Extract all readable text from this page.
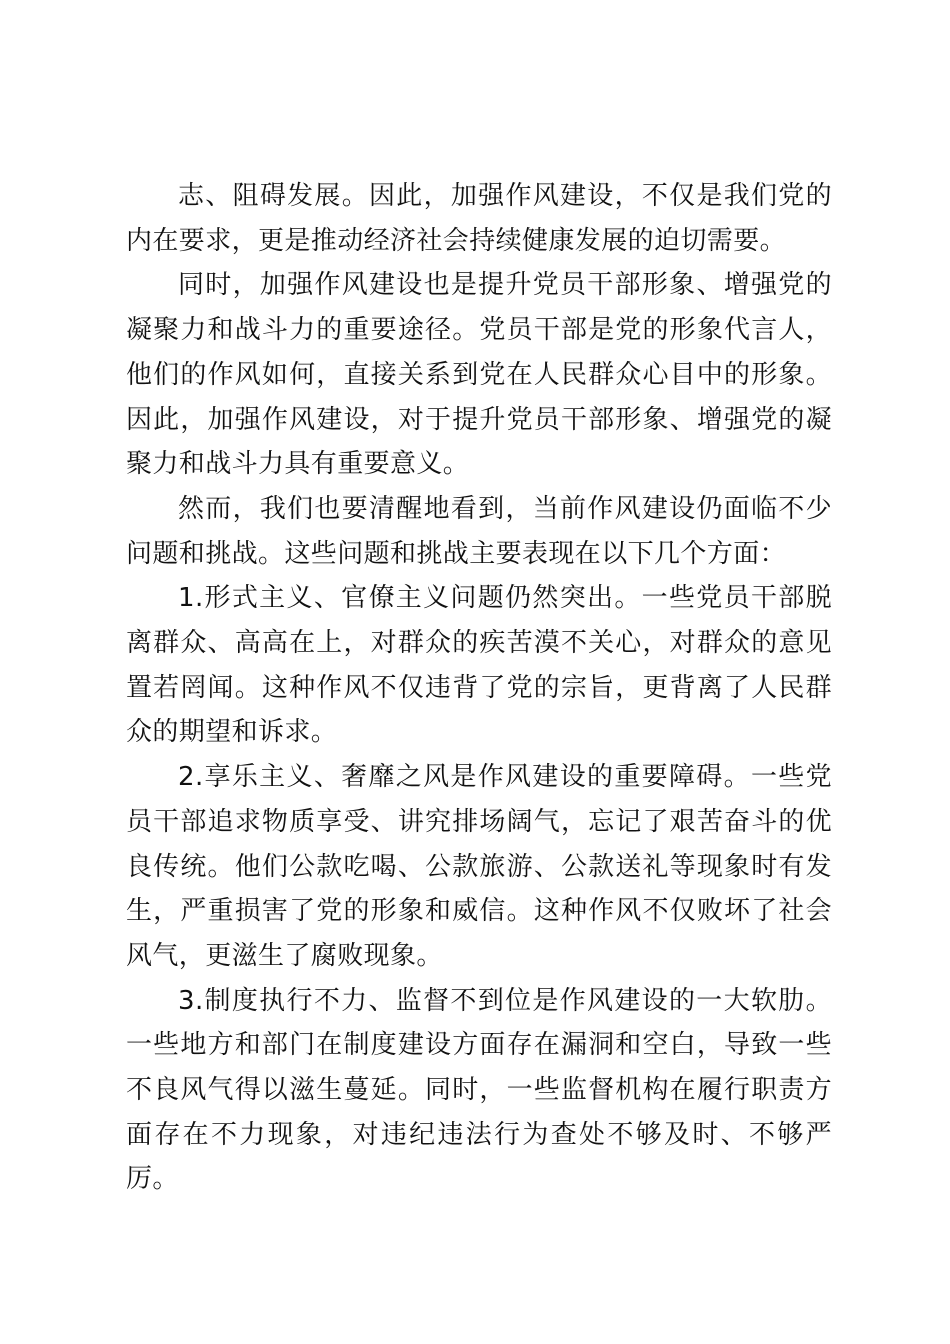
志、阻碍发展。因此，加强作风建设，不仅是我们党的内在要求，更是推动经济社会持续健康发展的迫切需要。

同时，加强作风建设也是提升党员干部形象、增强党的凝聚力和战斗力的重要途径。党员干部是党的形象代言人，他们的作风如何，直接关系到党在人民群众心目中的形象。因此，加强作风建设，对于提升党员干部形象、增强党的凝聚力和战斗力具有重要意义。

然而，我们也要清醒地看到，当前作风建设仍面临不少问题和挑战。这些问题和挑战主要表现在以下几个方面：

1.形式主义、官僚主义问题仍然突出。一些党员干部脱离群众、高高在上，对群众的疾苦漠不关心，对群众的意见置若罔闻。这种作风不仅违背了党的宗旨，更背离了人民群众的期望和诉求。

2.享乐主义、奢靡之风是作风建设的重要障碍。一些党员干部追求物质享受、讲究排场阔气，忘记了艰苦奋斗的优良传统。他们公款吃喝、公款旅游、公款送礼等现象时有发生，严重损害了党的形象和威信。这种作风不仅败坏了社会风气，更滋生了腐败现象。

3.制度执行不力、监督不到位是作风建设的一大软肋。一些地方和部门在制度建设方面存在漏洞和空白，导致一些不良风气得以滋生蔓延。同时，一些监督机构在履行职责方面存在不力现象，对违纪违法行为查处不够及时、不够严厉。
